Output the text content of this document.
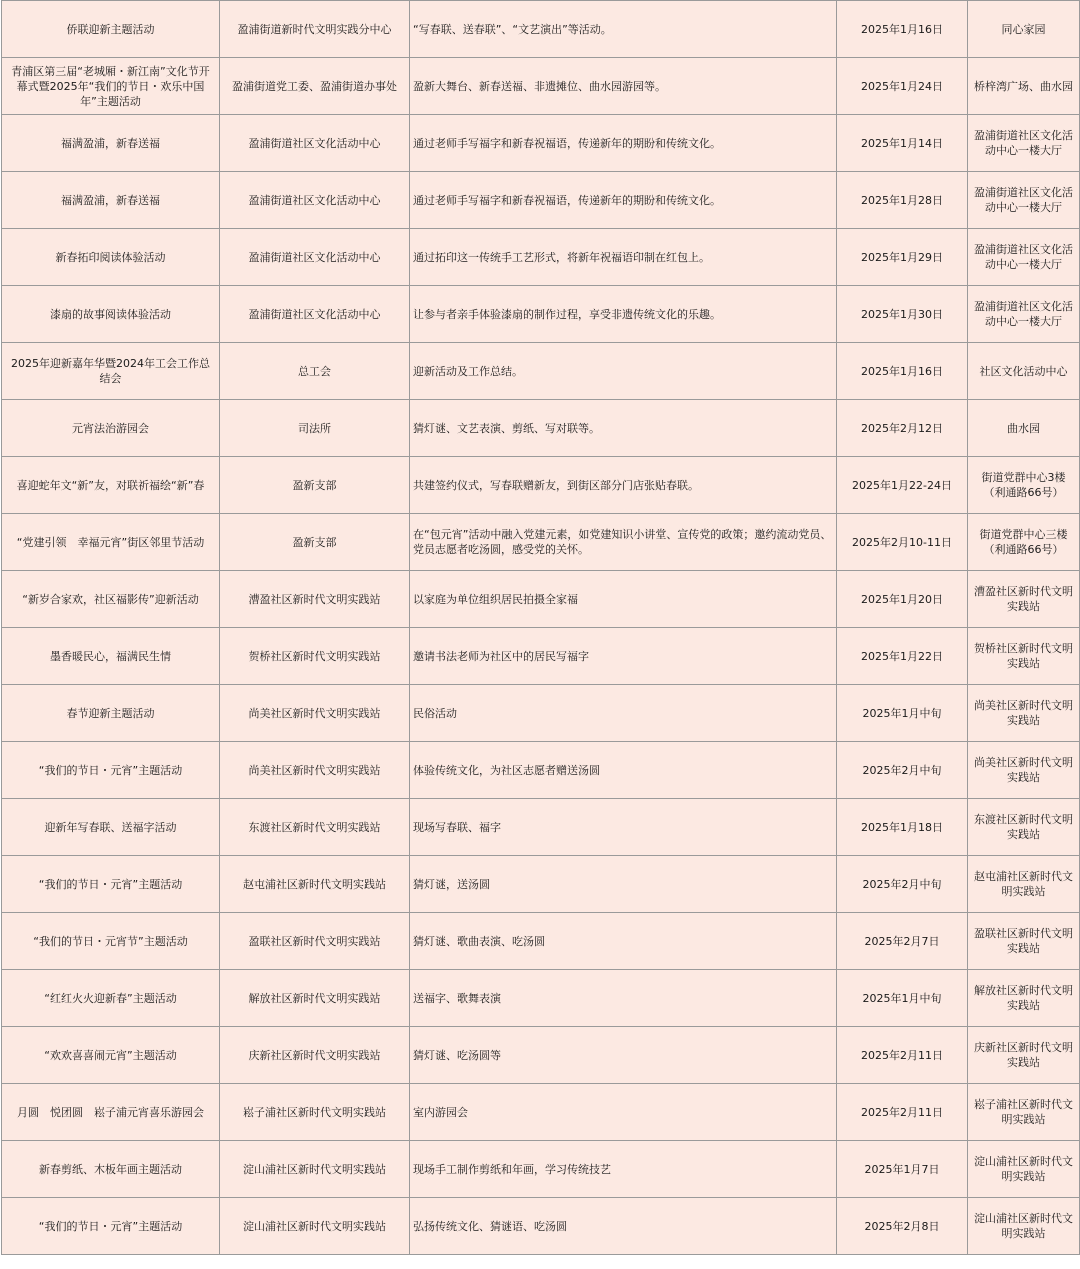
侨联迎新主题活动	盈浦街道新时代文明实践分中心	“写春联、送春联”、“文艺演出”等活动。	2025年1月16日	同心家园
青浦区第三届“老城厢・新江南”文化节开幕式暨2025年“我们的节日・欢乐中国年”主题活动	盈浦街道党工委、盈浦街道办事处	盈新大舞台、新春送福、非遗摊位、曲水园游园等。	2025年1月24日	桥梓湾广场、曲水园
福满盈浦，新春送福	盈浦街道社区文化活动中心	通过老师手写福字和新春祝福语，传递新年的期盼和传统文化。	2025年1月14日	盈浦街道社区文化活动中心一楼大厅
福满盈浦，新春送福	盈浦街道社区文化活动中心	通过老师手写福字和新春祝福语，传递新年的期盼和传统文化。	2025年1月28日	盈浦街道社区文化活动中心一楼大厅
新春拓印阅读体验活动	盈浦街道社区文化活动中心	通过拓印这一传统手工艺形式，将新年祝福语印制在红包上。	2025年1月29日	盈浦街道社区文化活动中心一楼大厅
漆扇的故事阅读体验活动	盈浦街道社区文化活动中心	让参与者亲手体验漆扇的制作过程，享受非遗传统文化的乐趣。	2025年1月30日	盈浦街道社区文化活动中心一楼大厅
2025年迎新嘉年华暨2024年工会工作总结会	总工会	迎新活动及工作总结。	2025年1月16日	社区文化活动中心
元宵法治游园会	司法所	猜灯谜、文艺表演、剪纸、写对联等。	2025年2月12日	曲水园
喜迎蛇年文“新”友，对联祈福绘“新”春	盈新支部	共建签约仪式，写春联赠新友，到街区部分门店张贴春联。	2025年1月22-24日	街道党群中心3楼（利通路66号）
“党建引领　幸福元宵”街区邻里节活动	盈新支部	在“包元宵”活动中融入党建元素，如党建知识小讲堂、宣传党的政策；邀约流动党员、党员志愿者吃汤圆，感受党的关怀。	2025年2月10-11日	街道党群中心三楼（利通路66号）
“新岁合家欢，社区福影传”迎新活动	漕盈社区新时代文明实践站	以家庭为单位组织居民拍摄全家福	2025年1月20日	漕盈社区新时代文明实践站
墨香暖民心，福满民生情	贺桥社区新时代文明实践站	邀请书法老师为社区中的居民写福字	2025年1月22日	贺桥社区新时代文明实践站
春节迎新主题活动	尚美社区新时代文明实践站	民俗活动	2025年1月中旬	尚美社区新时代文明实践站
“我们的节日・元宵”主题活动	尚美社区新时代文明实践站	体验传统文化，为社区志愿者赠送汤圆	2025年2月中旬	尚美社区新时代文明实践站
迎新年写春联、送福字活动	东渡社区新时代文明实践站	现场写春联、福字	2025年1月18日	东渡社区新时代文明实践站
“我们的节日・元宵”主题活动	赵屯浦社区新时代文明实践站	猜灯谜，送汤圆	2025年2月中旬	赵屯浦社区新时代文明实践站
“我们的节日・元宵节”主题活动	盈联社区新时代文明实践站	猜灯谜、歌曲表演、吃汤圆	2025年2月7日	盈联社区新时代文明实践站
“红红火火迎新春”主题活动	解放社区新时代文明实践站	送福字、歌舞表演	2025年1月中旬	解放社区新时代文明实践站
“欢欢喜喜闹元宵”主题活动	庆新社区新时代文明实践站	猜灯谜、吃汤圆等	2025年2月11日	庆新社区新时代文明实践站
月圆　悦团圆　崧子浦元宵喜乐游园会	崧子浦社区新时代文明实践站	室内游园会	2025年2月11日	崧子浦社区新时代文明实践站
新春剪纸、木板年画主题活动	淀山浦社区新时代文明实践站	现场手工制作剪纸和年画，学习传统技艺	2025年1月7日	淀山浦社区新时代文明实践站
“我们的节日・元宵”主题活动	淀山浦社区新时代文明实践站	弘扬传统文化、猜谜语、吃汤圆	2025年2月8日	淀山浦社区新时代文明实践站
